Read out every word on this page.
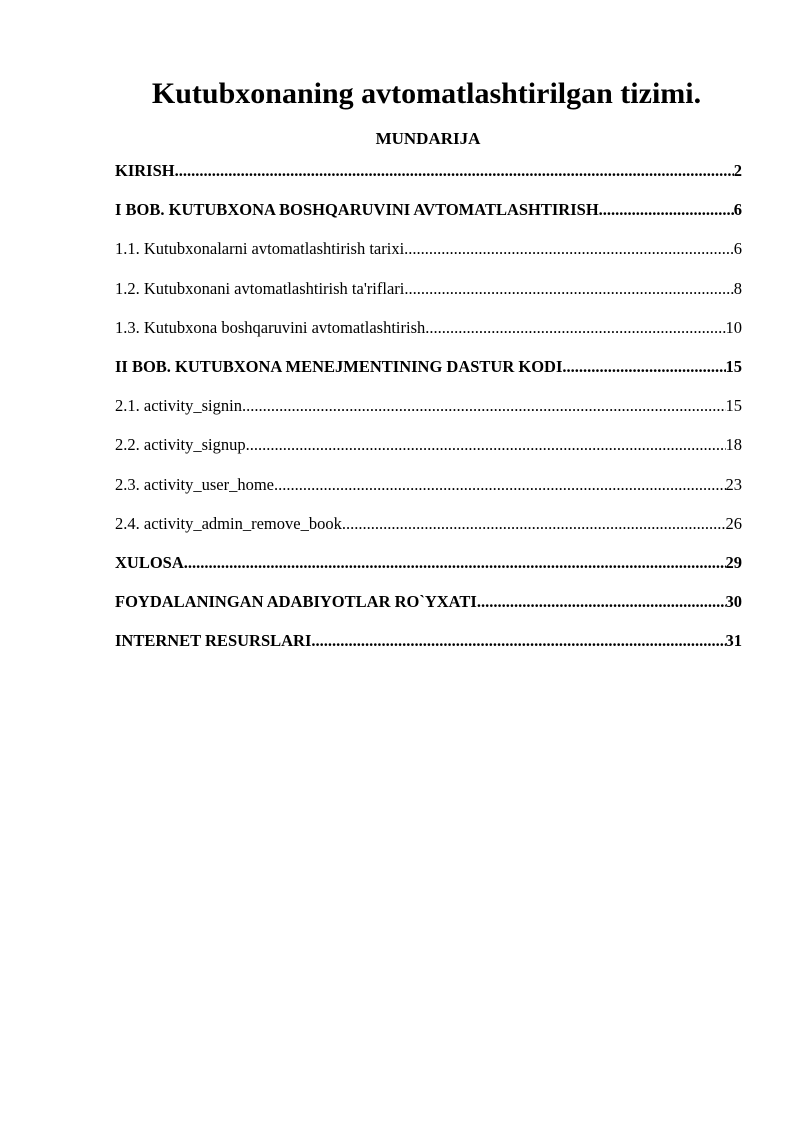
Kutubxonaning avtomatlashtirilgan tizimi.
MUNDARIJA
KIRISH .....	2
I BOB. KUTUBXONA BOSHQARUVINI AVTOMATLASHTIRISH .....	6
1.1. Kutubxonalarni avtomatlashtirish tarixi .....	6
1.2. Kutubxonani avtomatlashtirish ta'riflari .....	8
1.3. Kutubxona boshqaruvini avtomatlashtirish .....	10
II BOB. KUTUBXONA MENEJMENTINING DASTUR KODI .....	15
2.1. activity_signin .....	15
2.2. activity_signup .....	18
2.3. activity_user_home .....	23
2.4. activity_admin_remove_book .....	26
XULOSA .....	29
FOYDALANINGAN ADABIYOTLAR RO`YXATI .....	30
INTERNET RESURSLARI .....	31
